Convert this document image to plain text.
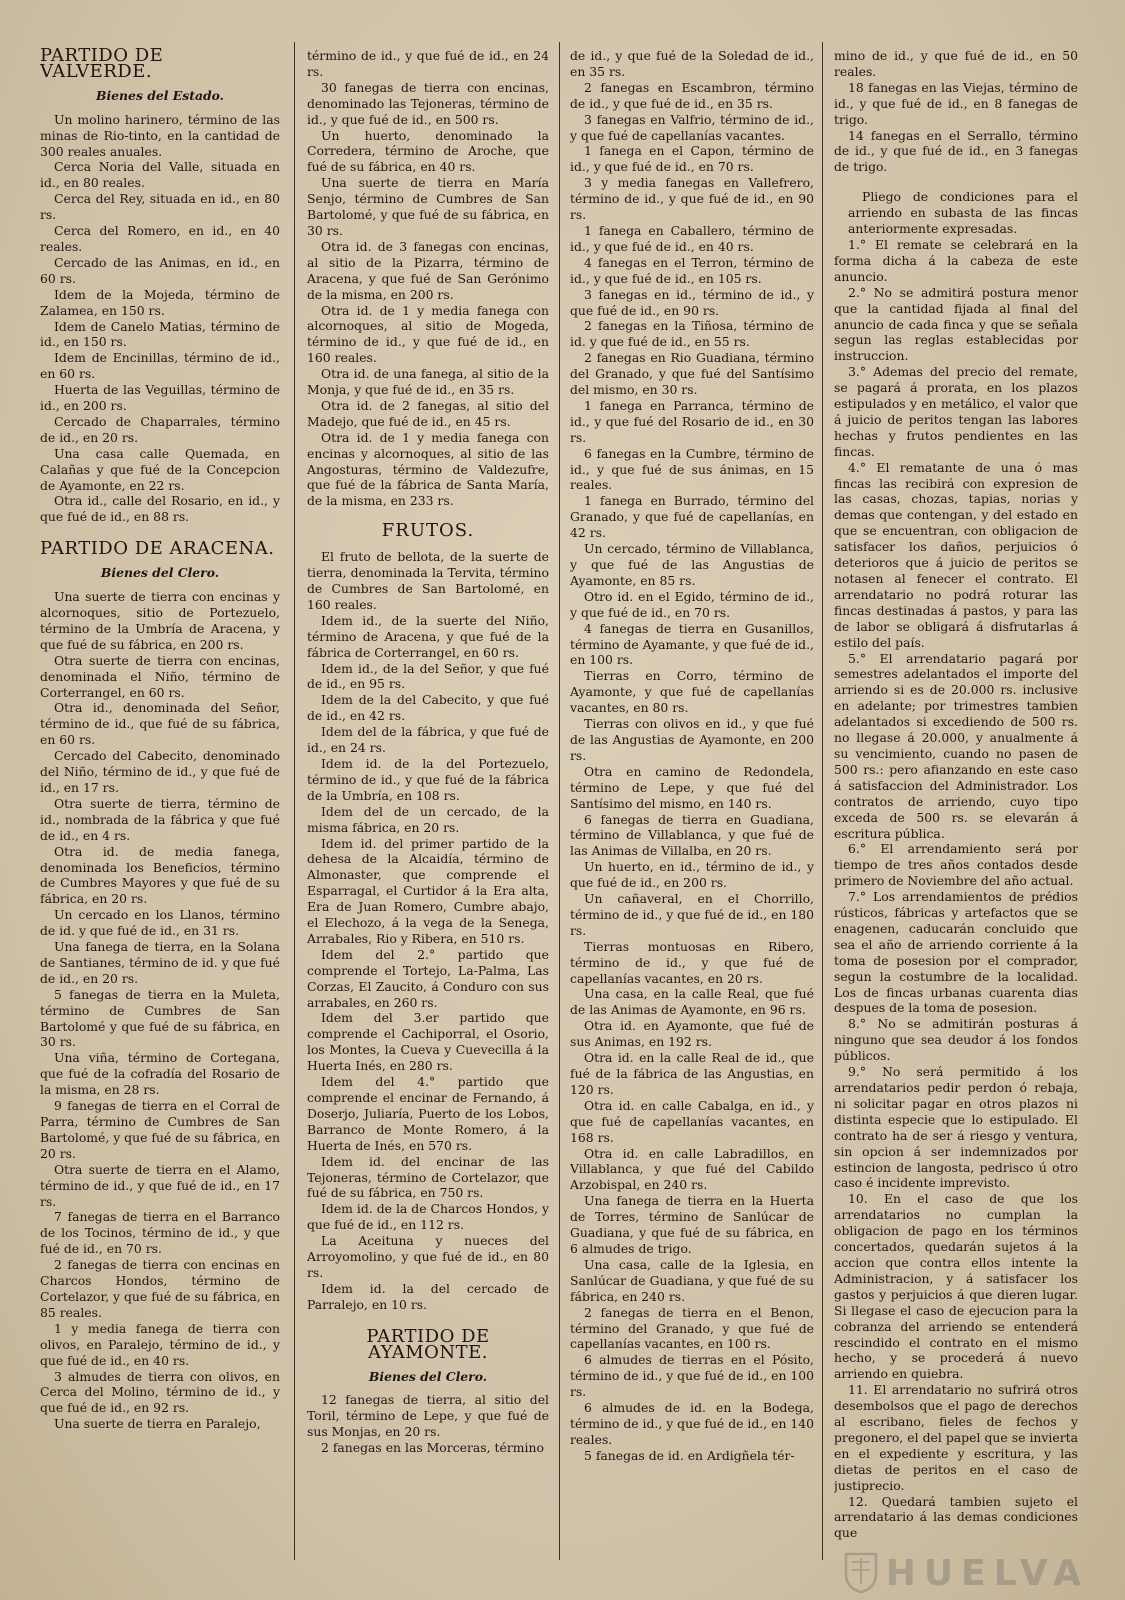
PARTIDO DE VALVERDE.
Bienes del Estado.

Un molino harinero, término de las minas de Rio-tinto, en la cantidad de 300 reales anuales.

Cerca Noria del Valle, situada en id., en 80 reales.

Cerca del Rey, situada en id., en 80 rs.

Cerca del Romero, en id., en 40 reales.

Cercado de las Animas, en id., en 60 rs.

Idem de la Mojeda, término de Zalamea, en 150 rs.

Idem de Canelo Matias, término de id., en 150 rs.

Idem de Encinillas, término de id., en 60 rs.

Huerta de las Veguillas, término de id., en 200 rs.

Cercado de Chaparrales, término de id., en 20 rs.

Una casa calle Quemada, en Calañas y que fué de la Concepcion de Ayamonte, en 22 rs.

Otra id., calle del Rosario, en id., y que fué de id., en 88 rs.

PARTIDO DE ARACENA.
Bienes del Clero.

Una suerte de tierra con encinas y alcornoques, sitio de Portezuelo, término de la Umbría de Aracena, y que fué de su fábrica, en 200 rs.

Otra suerte de tierra con encinas, denominada el Niño, término de Corterrangel, en 60 rs.

Otra id., denominada del Señor, término de id., que fué de su fábrica, en 60 rs.

Cercado del Cabecito, denominado del Niño, término de id., y que fué de id., en 17 rs.

Otra suerte de tierra, término de id., nombrada de la fábrica y que fué de id., en 4 rs.

Otra id. de media fanega, denominada los Beneficios, término de Cumbres Mayores y que fué de su fábrica, en 20 rs.

Un cercado en los Llanos, término de id. y que fué de id., en 31 rs.

Una fanega de tierra, en la Solana de Santianes, término de id. y que fué de id., en 20 rs.

5 fanegas de tierra en la Muleta, término de Cumbres de San Bartolomé y que fué de su fábrica, en 30 rs.

Una viña, término de Cortegana, que fué de la cofradía del Rosario de la misma, en 28 rs.

9 fanegas de tierra en el Corral de Parra, término de Cumbres de San Bartolomé, y que fué de su fábrica, en 20 rs.

Otra suerte de tierra en el Alamo, término de id., y que fué de id., en 17 rs.

7 fanegas de tierra en el Barranco de los Tocinos, término de id., y que fué de id., en 70 rs.

2 fanegas de tierra con encinas en Charcos Hondos, término de Cortelazor, y que fué de su fábrica, en 85 reales.

1 y media fanega de tierra con olivos, en Paralejo, término de id., y que fué de id., en 40 rs.

3 almudes de tierra con olivos, en Cerca del Molino, término de id., y que fué de id., en 92 rs.

Una suerte de tierra en Paralejo,

término de id., y que fué de id., en 24 rs.

30 fanegas de tierra con encinas, denominado las Tejoneras, término de id., y que fué de id., en 500 rs.

Un huerto, denominado la Corredera, término de Aroche, que fué de su fábrica, en 40 rs.

Una suerte de tierra en María Senjo, término de Cumbres de San Bartolomé, y que fué de su fábrica, en 30 rs.

Otra id. de 3 fanegas con encinas, al sitio de la Pizarra, término de Aracena, y que fué de San Gerónimo de la misma, en 200 rs.

Otra id. de 1 y media fanega con alcornoques, al sitio de Mogeda, término de id., y que fué de id., en 160 reales.

Otra id. de una fanega, al sitio de la Monja, y que fué de id., en 35 rs.

Otra id. de 2 fanegas, al sitio del Madejo, que fué de id., en 45 rs.

Otra id. de 1 y media fanega con encinas y alcornoques, al sitio de las Angosturas, término de Valdezufre, que fué de la fábrica de Santa María, de la misma, en 233 rs.

FRUTOS.

El fruto de bellota, de la suerte de tierra, denominada la Tervita, término de Cumbres de San Bartolomé, en 160 reales.

Idem id., de la suerte del Niño, término de Aracena, y que fué de la fábrica de Corterrangel, en 60 rs.

Idem id., de la del Señor, y que fué de id., en 95 rs.

Idem de la del Cabecito, y que fué de id., en 42 rs.

Idem del de la fábrica, y que fué de id., en 24 rs.

Idem id. de la del Portezuelo, término de id., y que fué de la fábrica de la Umbría, en 108 rs.

Idem del de un cercado, de la misma fábrica, en 20 rs.

Idem id. del primer partido de la dehesa de la Alcaidía, término de Almonaster, que comprende el Esparragal, el Curtidor á la Era alta, Era de Juan Romero, Cumbre abajo, el Elechozo, á la vega de la Senega, Arrabales, Rio y Ribera, en 510 rs.

Idem del 2.° partido que comprende el Tortejo, La-Palma, Las Corzas, El Zaucito, á Conduro con sus arrabales, en 260 rs.

Idem del 3.er partido que comprende el Cachiporral, el Osorio, los Montes, la Cueva y Cuevecilla á la Huerta Inés, en 280 rs.

Idem del 4.° partido que comprende el encinar de Fernando, á Doserjo, Juliaría, Puerto de los Lobos, Barranco de Monte Romero, á la Huerta de Inés, en 570 rs.

Idem id. del encinar de las Tejoneras, término de Cortelazor, que fué de su fábrica, en 750 rs.

Idem id. de la de Charcos Hondos, y que fué de id., en 112 rs.

La Aceituna y nueces del Arroyomolino, y que fué de id., en 80 rs.

Idem id. la del cercado de Parralejo, en 10 rs.

PARTIDO DE AYAMONTE.
Bienes del Clero.

12 fanegas de tierra, al sitio del Toril, término de Lepe, y que fué de sus Monjas, en 20 rs.

2 fanegas en las Morceras, término

de id., y que fué de la Soledad de id., en 35 rs.

2 fanegas en Escambron, término de id., y que fué de id., en 35 rs.

3 fanegas en Valfrio, término de id., y que fué de capellanías vacantes.

1 fanega en el Capon, término de id., y que fué de id., en 70 rs.

3 y media fanegas en Vallefrero, término de id., y que fué de id., en 90 rs.

1 fanega en Caballero, término de id., y que fué de id., en 40 rs.

4 fanegas en el Terron, término de id., y que fué de id., en 105 rs.

3 fanegas en id., término de id., y que fué de id., en 90 rs.

2 fanegas en la Tiñosa, término de id. y que fué de id., en 55 rs.

2 fanegas en Rio Guadiana, término del Granado, y que fué del Santísimo del mismo, en 30 rs.

1 fanega en Parranca, término de id., y que fué del Rosario de id., en 30 rs.

6 fanegas en la Cumbre, término de id., y que fué de sus ánimas, en 15 reales.

1 fanega en Burrado, término del Granado, y que fué de capellanías, en 42 rs.

Un cercado, término de Villablanca, y que fué de las Angustias de Ayamonte, en 85 rs.

Otro id. en el Egido, término de id., y que fué de id., en 70 rs.

4 fanegas de tierra en Gusanillos, término de Ayamante, y que fué de id., en 100 rs.

Tierras en Corro, término de Ayamonte, y que fué de capellanías vacantes, en 80 rs.

Tierras con olivos en id., y que fué de las Angustias de Ayamonte, en 200 rs.

Otra en camino de Redondela, término de Lepe, y que fué del Santísimo del mismo, en 140 rs.

6 fanegas de tierra en Guadiana, término de Villablanca, y que fué de las Animas de Villalba, en 20 rs.

Un huerto, en id., término de id., y que fué de id., en 200 rs.

Un cañaveral, en el Chorrillo, término de id., y que fué de id., en 180 rs.

Tierras montuosas en Ribero, término de id., y que fué de capellanías vacantes, en 20 rs.

Una casa, en la calle Real, que fué de las Animas de Ayamonte, en 96 rs.

Otra id. en Ayamonte, que fué de sus Animas, en 192 rs.

Otra id. en la calle Real de id., que fué de la fábrica de las Angustias, en 120 rs.

Otra id. en calle Cabalga, en id., y que fué de capellanías vacantes, en 168 rs.

Otra id. en calle Labradillos, en Villablanca, y que fué del Cabildo Arzobispal, en 240 rs.

Una fanega de tierra en la Huerta de Torres, término de Sanlúcar de Guadiana, y que fué de su fábrica, en 6 almudes de trigo.

Una casa, calle de la Iglesia, en Sanlúcar de Guadiana, y que fué de su fábrica, en 240 rs.

2 fanegas de tierra en el Benon, término del Granado, y que fué de capellanías vacantes, en 100 rs.

6 almudes de tierras en el Pósito, término de id., y que fué de id., en 100 rs.

6 almudes de id. en la Bodega, término de id., y que fué de id., en 140 reales.

5 fanegas de id. en Ardigñela tér-

mino de id., y que fué de id., en 50 reales.

18 fanegas en las Viejas, término de id., y que fué de id., en 8 fanegas de trigo.

14 fanegas en el Serrallo, término de id., y que fué de id., en 3 fanegas de trigo.

Pliego de condiciones para el arriendo en subasta de las fincas anteriormente expresadas.

1.° El remate se celebrará en la forma dicha á la cabeza de este anuncio.

2.° No se admitirá postura menor que la cantidad fijada al final del anuncio de cada finca y que se señala segun las reglas establecidas por instruccion.

3.° Ademas del precio del remate, se pagará á prorata, en los plazos estipulados y en metálico, el valor que á juicio de peritos tengan las labores hechas y frutos pendientes en las fincas.

4.° El rematante de una ó mas fincas las recibirá con expresion de las casas, chozas, tapias, norias y demas que contengan, y del estado en que se encuentran, con obligacion de satisfacer los daños, perjuicios ó deterioros que á juicio de peritos se notasen al fenecer el contrato. El arrendatario no podrá roturar las fincas destinadas á pastos, y para las de labor se obligará á disfrutarlas á estilo del país.

5.° El arrendatario pagará por semestres adelantados el importe del arriendo si es de 20.000 rs. inclusive en adelante; por trimestres tambien adelantados si excediendo de 500 rs. no llegase á 20.000, y anualmente á su vencimiento, cuando no pasen de 500 rs.: pero afianzando en este caso á satisfaccion del Administrador. Los contratos de arriendo, cuyo tipo exceda de 500 rs. se elevarán á escritura pública.

6.° El arrendamiento será por tiempo de tres años contados desde primero de Noviembre del año actual.

7.° Los arrendamientos de prédios rústicos, fábricas y artefactos que se enagenen, caducarán concluido que sea el año de arriendo corriente á la toma de posesion por el comprador, segun la costumbre de la localidad. Los de fincas urbanas cuarenta dias despues de la toma de posesion.

8.° No se admitirán posturas á ninguno que sea deudor á los fondos públicos.

9.° No será permitido á los arrendatarios pedir perdon ó rebaja, ni solicitar pagar en otros plazos ni distinta especie que lo estipulado. El contrato ha de ser á riesgo y ventura, sin opcion á ser indemnizados por estincion de langosta, pedrisco ú otro caso é incidente imprevisto.

10. En el caso de que los arrendatarios no cumplan la obligacion de pago en los términos concertados, quedarán sujetos á la accion que contra ellos intente la Administracion, y á satisfacer los gastos y perjuicios á que dieren lugar. Si llegase el caso de ejecucion para la cobranza del arriendo se entenderá rescindido el contrato en el mismo hecho, y se procederá á nuevo arriendo en quiebra.

11. El arrendatario no sufrirá otros desembolsos que el pago de derechos al escribano, fieles de fechos y pregonero, el del papel que se invierta en el expediente y escritura, y las dietas de peritos en el caso de justiprecio.

12. Quedará tambien sujeto el arrendatario á las demas condiciones que

HUELVA
